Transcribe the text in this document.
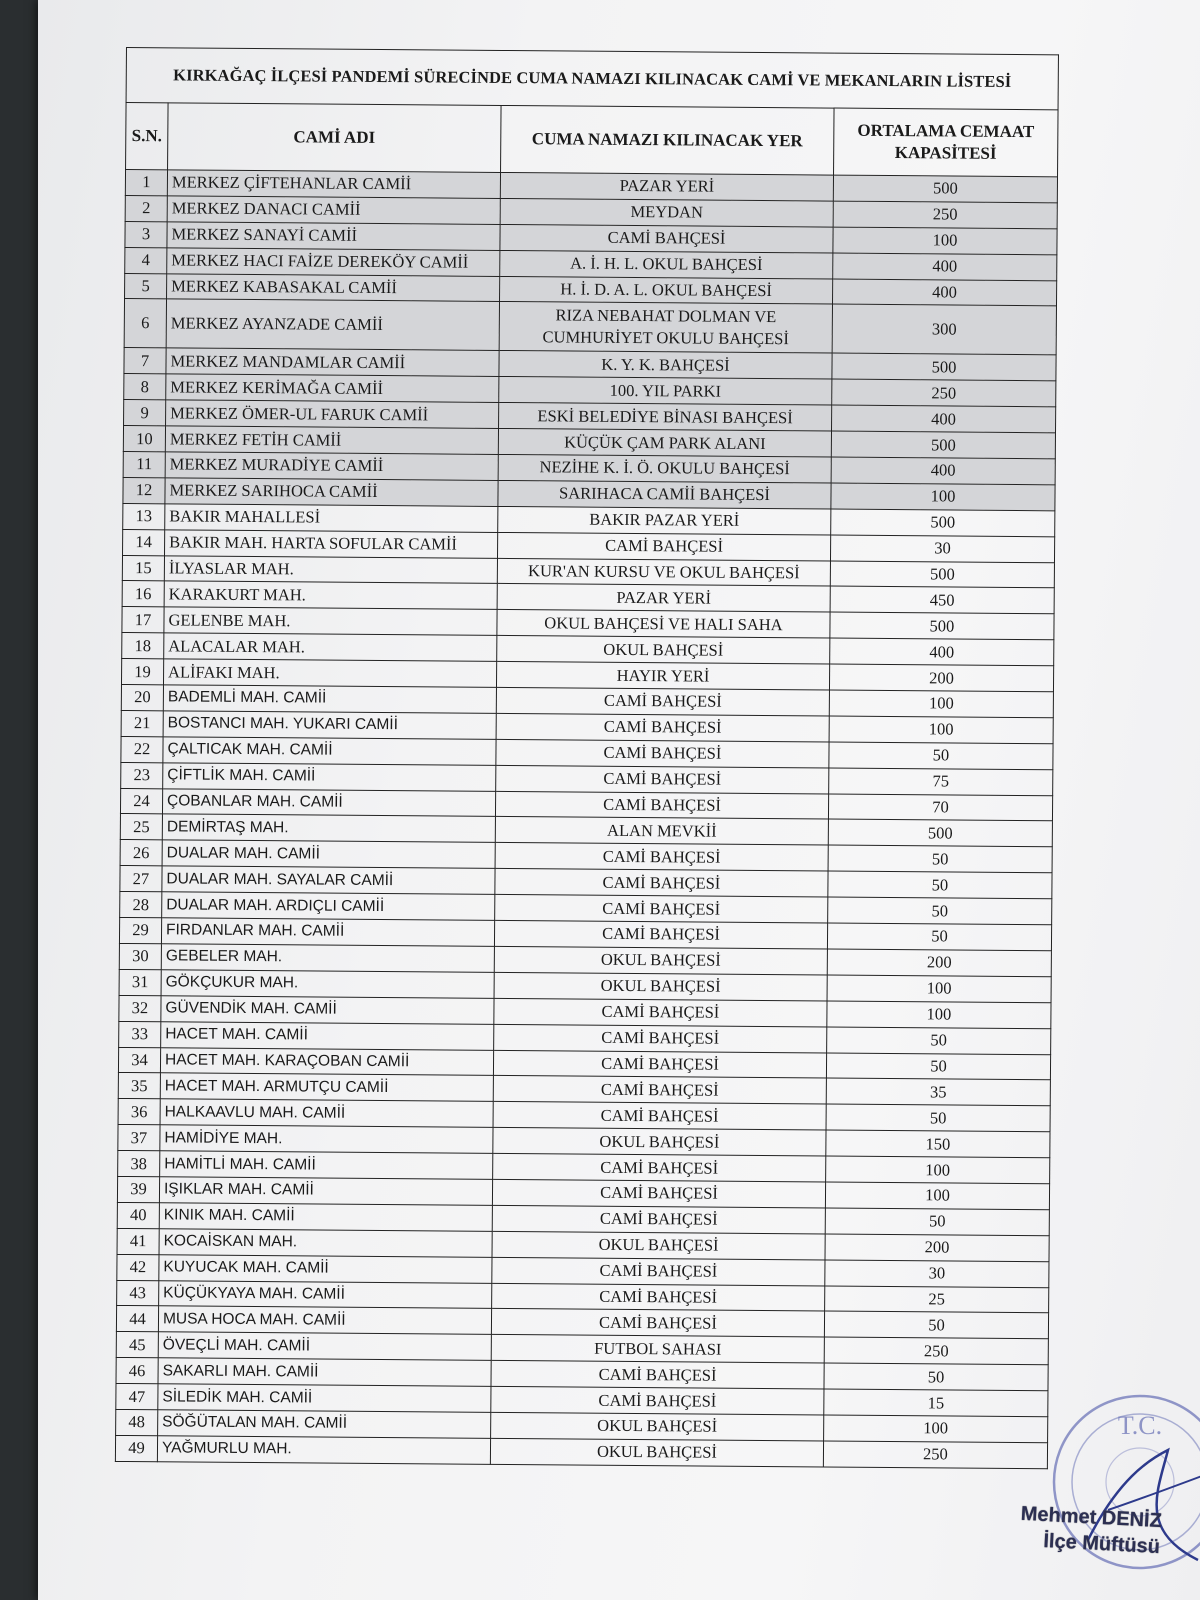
KIRKAĞAÇ İLÇESİ PANDEMİ SÜRECİNDE CUMA NAMAZI KILINACAK CAMİ VE MEKANLARIN LİSTESİ			
S.N.	CAMİ ADI	CUMA NAMAZI KILINACAK YER	ORTALAMA CEMAAT KAPASİTESİ
1	MERKEZ ÇİFTEHANLAR CAMİİ	PAZAR YERİ	500
2	MERKEZ DANACI CAMİİ	MEYDAN	250
3	MERKEZ SANAYİ CAMİİ	CAMİ BAHÇESİ	100
4	MERKEZ HACI FAİZE DEREKÖY CAMİİ	A. İ. H. L. OKUL BAHÇESİ	400
5	MERKEZ KABASAKAL CAMİİ	H. İ. D. A. L. OKUL BAHÇESİ	400
6	MERKEZ AYANZADE CAMİİ	RIZA NEBAHAT DOLMAN VE CUMHURİYET OKULU BAHÇESİ	300
7	MERKEZ MANDAMLAR CAMİİ	K. Y. K. BAHÇESİ	500
8	MERKEZ KERİMAĞA CAMİİ	100. YIL PARKI	250
9	MERKEZ ÖMER-UL FARUK CAMİİ	ESKİ BELEDİYE BİNASI BAHÇESİ	400
10	MERKEZ FETİH CAMİİ	KÜÇÜK ÇAM PARK ALANI	500
11	MERKEZ MURADİYE CAMİİ	NEZİHE K. İ. Ö. OKULU BAHÇESİ	400
12	MERKEZ SARIHOCA CAMİİ	SARIHACA CAMİİ BAHÇESİ	100
13	BAKIR MAHALLESİ	BAKIR PAZAR YERİ	500
14	BAKIR MAH. HARTA SOFULAR CAMİİ	CAMİ BAHÇESİ	30
15	İLYASLAR MAH.	KUR'AN KURSU VE OKUL BAHÇESİ	500
16	KARAKURT MAH.	PAZAR YERİ	450
17	GELENBE MAH.	OKUL BAHÇESİ VE HALI SAHA	500
18	ALACALAR MAH.	OKUL BAHÇESİ	400
19	ALİFAKI MAH.	HAYIR YERİ	200
20	BADEMLİ MAH. CAMİİ	CAMİ BAHÇESİ	100
21	BOSTANCI MAH. YUKARI CAMİİ	CAMİ BAHÇESİ	100
22	ÇALTICAK MAH. CAMİİ	CAMİ BAHÇESİ	50
23	ÇİFTLİK MAH. CAMİİ	CAMİ BAHÇESİ	75
24	ÇOBANLAR MAH. CAMİİ	CAMİ BAHÇESİ	70
25	DEMİRTAŞ MAH.	ALAN MEVKİİ	500
26	DUALAR MAH. CAMİİ	CAMİ BAHÇESİ	50
27	DUALAR MAH. SAYALAR CAMİİ	CAMİ BAHÇESİ	50
28	DUALAR MAH. ARDIÇLI CAMİİ	CAMİ BAHÇESİ	50
29	FIRDANLAR MAH. CAMİİ	CAMİ BAHÇESİ	50
30	GEBELER MAH.	OKUL BAHÇESİ	200
31	GÖKÇUKUR MAH.	OKUL BAHÇESİ	100
32	GÜVENDİK MAH. CAMİİ	CAMİ BAHÇESİ	100
33	HACET MAH. CAMİİ	CAMİ BAHÇESİ	50
34	HACET MAH. KARAÇOBAN CAMİİ	CAMİ BAHÇESİ	50
35	HACET MAH. ARMUTÇU CAMİİ	CAMİ BAHÇESİ	35
36	HALKAAVLU MAH. CAMİİ	CAMİ BAHÇESİ	50
37	HAMİDİYE MAH.	OKUL BAHÇESİ	150
38	HAMİTLİ MAH. CAMİİ	CAMİ BAHÇESİ	100
39	IŞIKLAR MAH. CAMİİ	CAMİ BAHÇESİ	100
40	KINIK MAH. CAMİİ	CAMİ BAHÇESİ	50
41	KOCAİSKAN MAH.	OKUL BAHÇESİ	200
42	KUYUCAK MAH. CAMİİ	CAMİ BAHÇESİ	30
43	KÜÇÜKYAYA MAH. CAMİİ	CAMİ BAHÇESİ	25
44	MUSA HOCA MAH. CAMİİ	CAMİ BAHÇESİ	50
45	ÖVEÇLİ MAH. CAMİİ	FUTBOL SAHASI	250
46	SAKARLI MAH. CAMİİ	CAMİ BAHÇESİ	50
47	SİLEDİK MAH. CAMİİ	CAMİ BAHÇESİ	15
48	SÖĞÜTALAN MAH. CAMİİ	OKUL BAHÇESİ	100
49	YAĞMURLU MAH.	OKUL BAHÇESİ	250
T.C.
Mehmet DENİZ
İlçe Müftüsü
